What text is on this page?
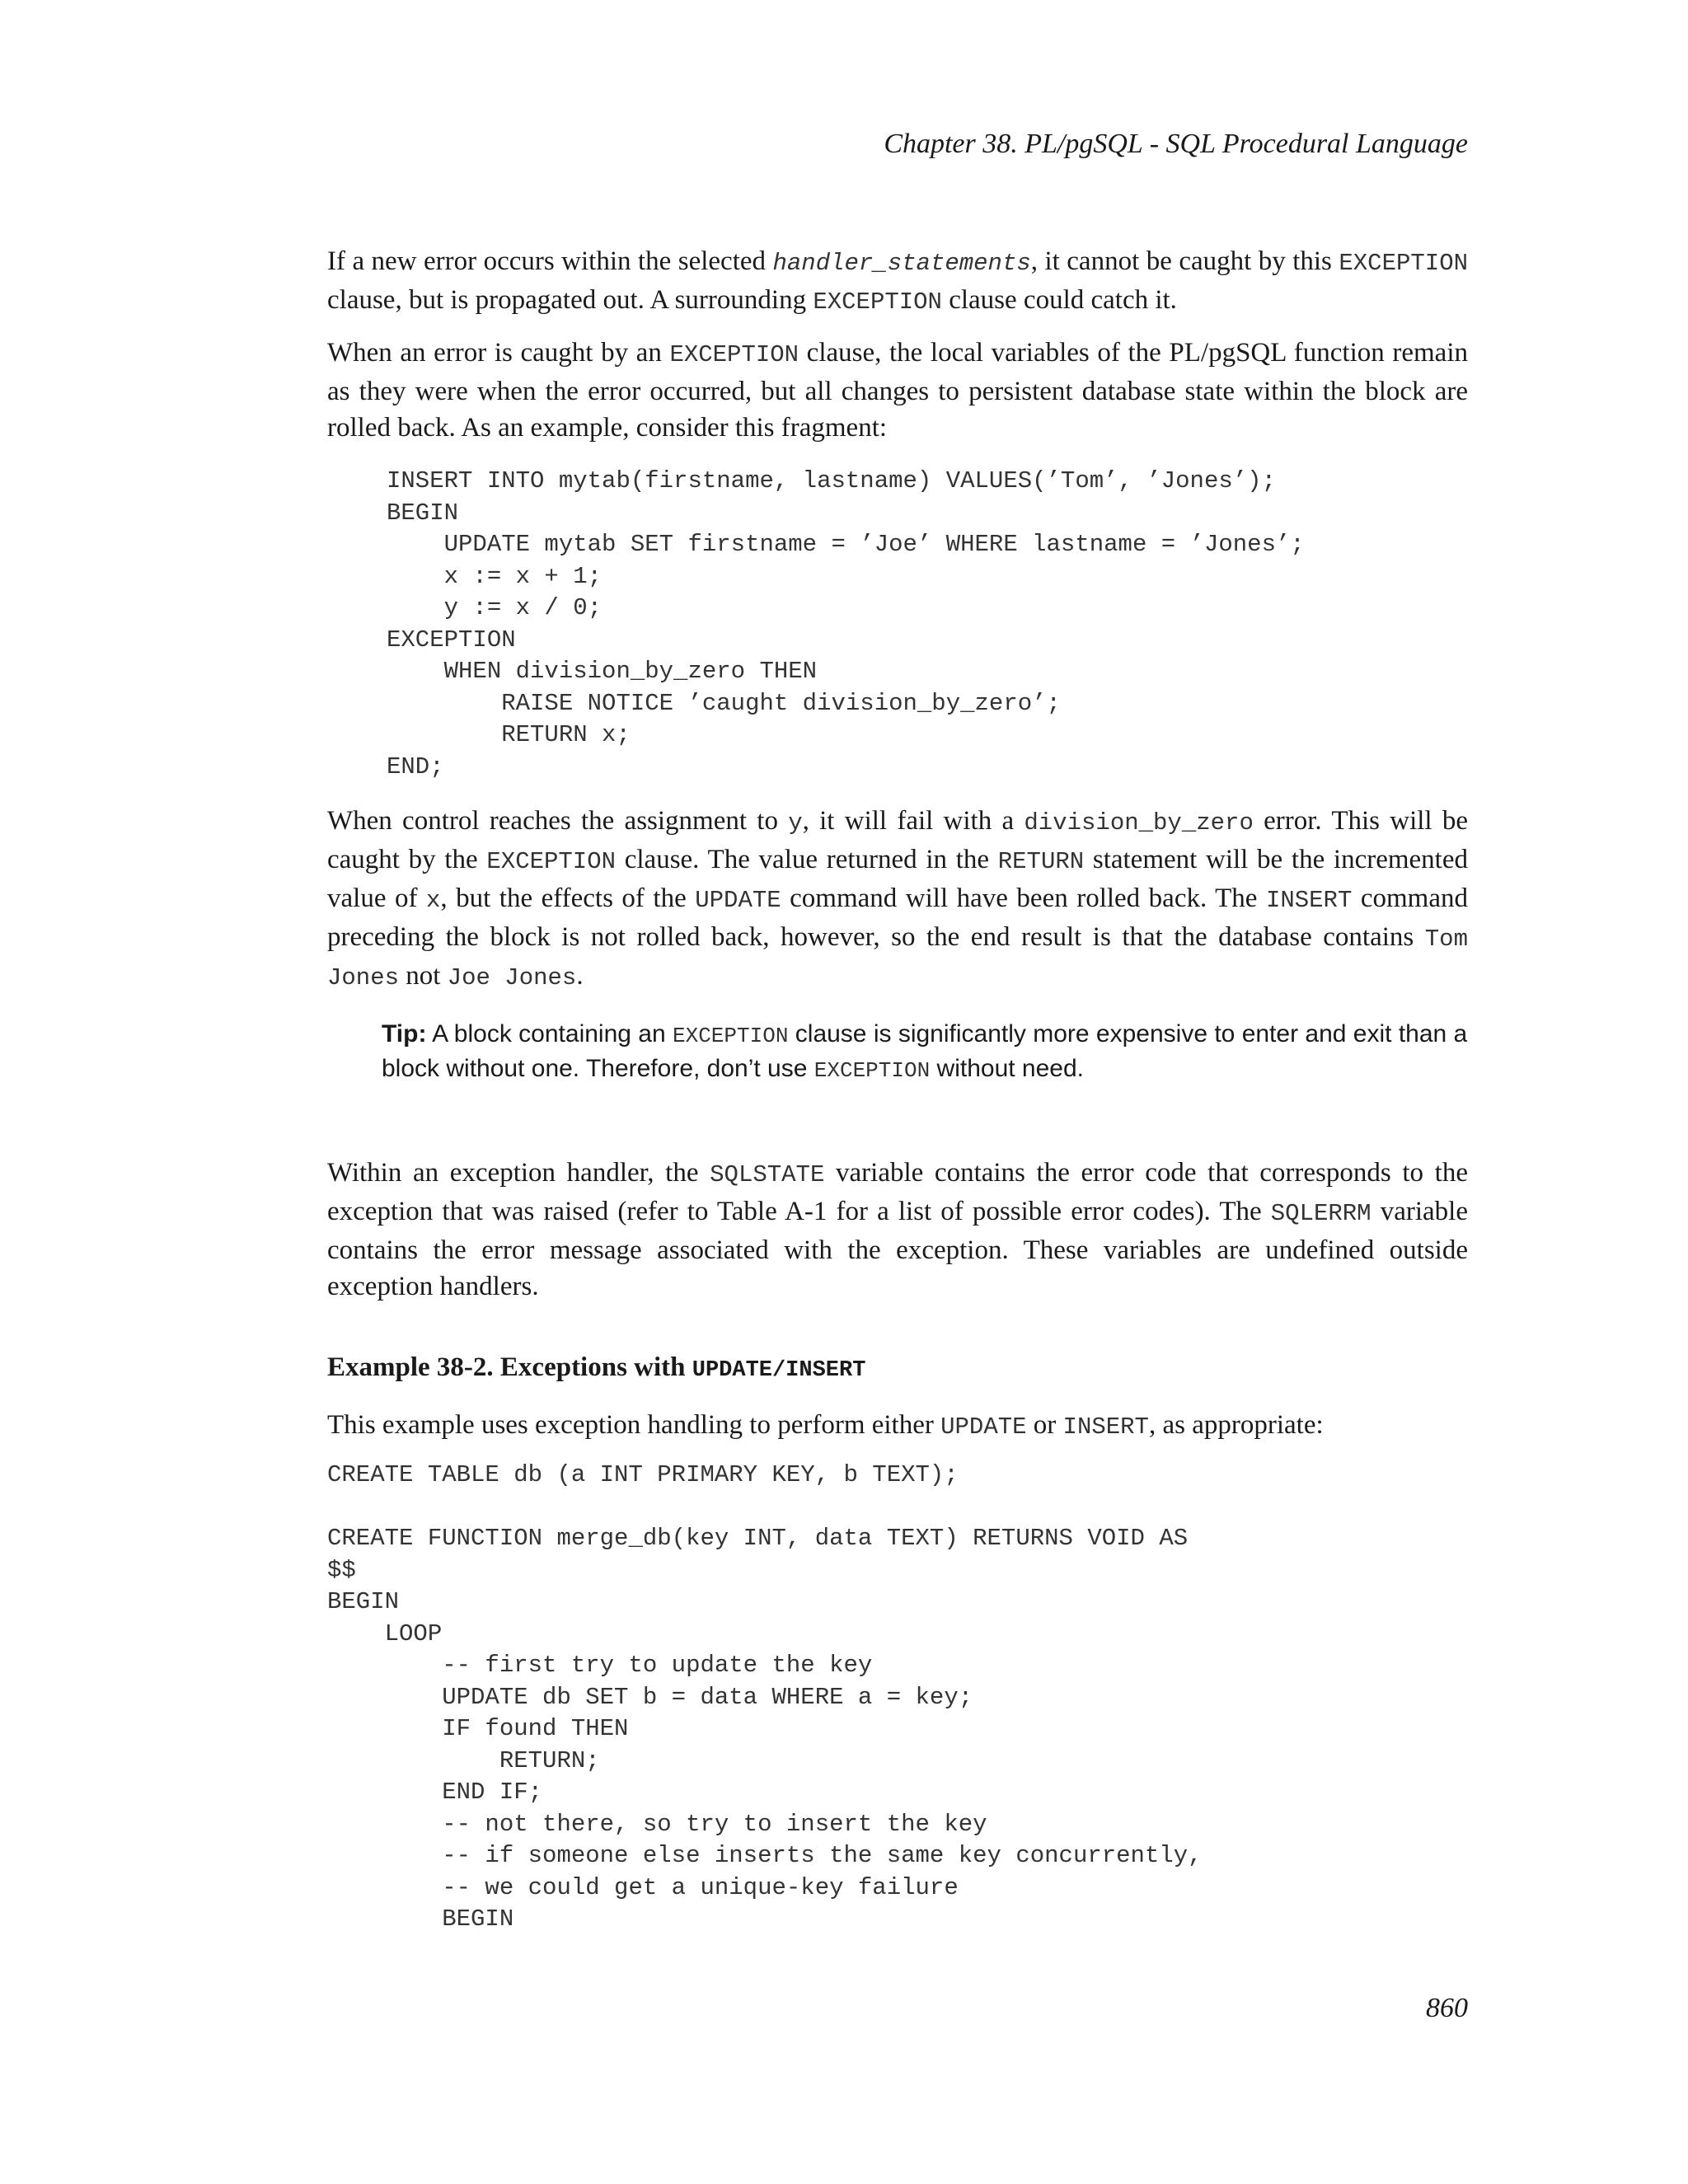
Chapter 38. PL/pgSQL - SQL Procedural Language

If a new error occurs within the selected handler_statements, it cannot be caught by this EXCEPTION clause, but is propagated out. A surrounding EXCEPTION clause could catch it.

When an error is caught by an EXCEPTION clause, the local variables of the PL/pgSQL function remain as they were when the error occurred, but all changes to persistent database state within the block are rolled back. As an example, consider this fragment:

INSERT INTO mytab(firstname, lastname) VALUES(’Tom’, ’Jones’);
BEGIN
UPDATE mytab SET firstname = ’Joe’ WHERE lastname = ’Jones’;
x := x + 1;
y := x / 0;
EXCEPTION
WHEN division_by_zero THEN
RAISE NOTICE ’caught division_by_zero’;
RETURN x;
END;

When control reaches the assignment to y, it will fail with a division_by_zero error. This will be caught by the EXCEPTION clause. The value returned in the RETURN statement will be the incremented value of x, but the effects of the UPDATE command will have been rolled back. The INSERT command preceding the block is not rolled back, however, so the end result is that the database contains Tom Jones not Joe Jones.

Tip: A block containing an EXCEPTION clause is significantly more expensive to enter and exit than a block without one. Therefore, don’t use EXCEPTION without need.

Within an exception handler, the SQLSTATE variable contains the error code that corresponds to the exception that was raised (refer to Table A-1 for a list of possible error codes). The SQLERRM variable contains the error message associated with the exception. These variables are undefined outside exception handlers.

Example 38-2. Exceptions with UPDATE/INSERT

This example uses exception handling to perform either UPDATE or INSERT, as appropriate:

CREATE TABLE db (a INT PRIMARY KEY, b TEXT);

CREATE FUNCTION merge_db(key INT, data TEXT) RETURNS VOID AS
$$
BEGIN
LOOP
-- first try to update the key
UPDATE db SET b = data WHERE a = key;
IF found THEN
RETURN;
END IF;
-- not there, so try to insert the key
-- if someone else inserts the same key concurrently,
-- we could get a unique-key failure
BEGIN
860
